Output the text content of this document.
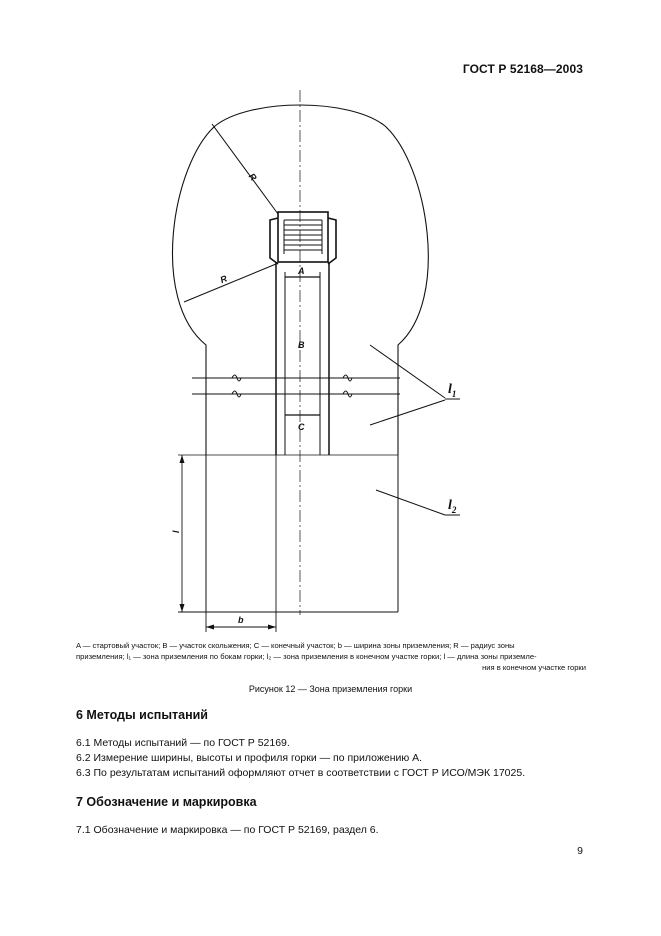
ГОСТ Р 52168—2003
R
R
A
B
C
$l_1$
$l_2$
l
b
A — стартовый участок; B — участок скольжения; C — конечный участок; b — ширина зоны приземления; R — радиус зоны
приземления; l₁ — зона приземления по бокам горки; l₂ — зона приземления в конечном участке горки; l — длина зоны приземле-
ния в конечном участке горки
Рисунок 12 — Зона приземления горки
6 Методы испытаний
6.1 Методы испытаний — по ГОСТ Р 52169.
6.2 Измерение ширины, высоты и профиля горки — по приложению А.
6.3 По результатам испытаний оформляют отчет в соответствии с ГОСТ Р ИСО/МЭК 17025.
7 Обозначение и маркировка
7.1 Обозначение и маркировка — по ГОСТ Р 52169, раздел 6.
9
